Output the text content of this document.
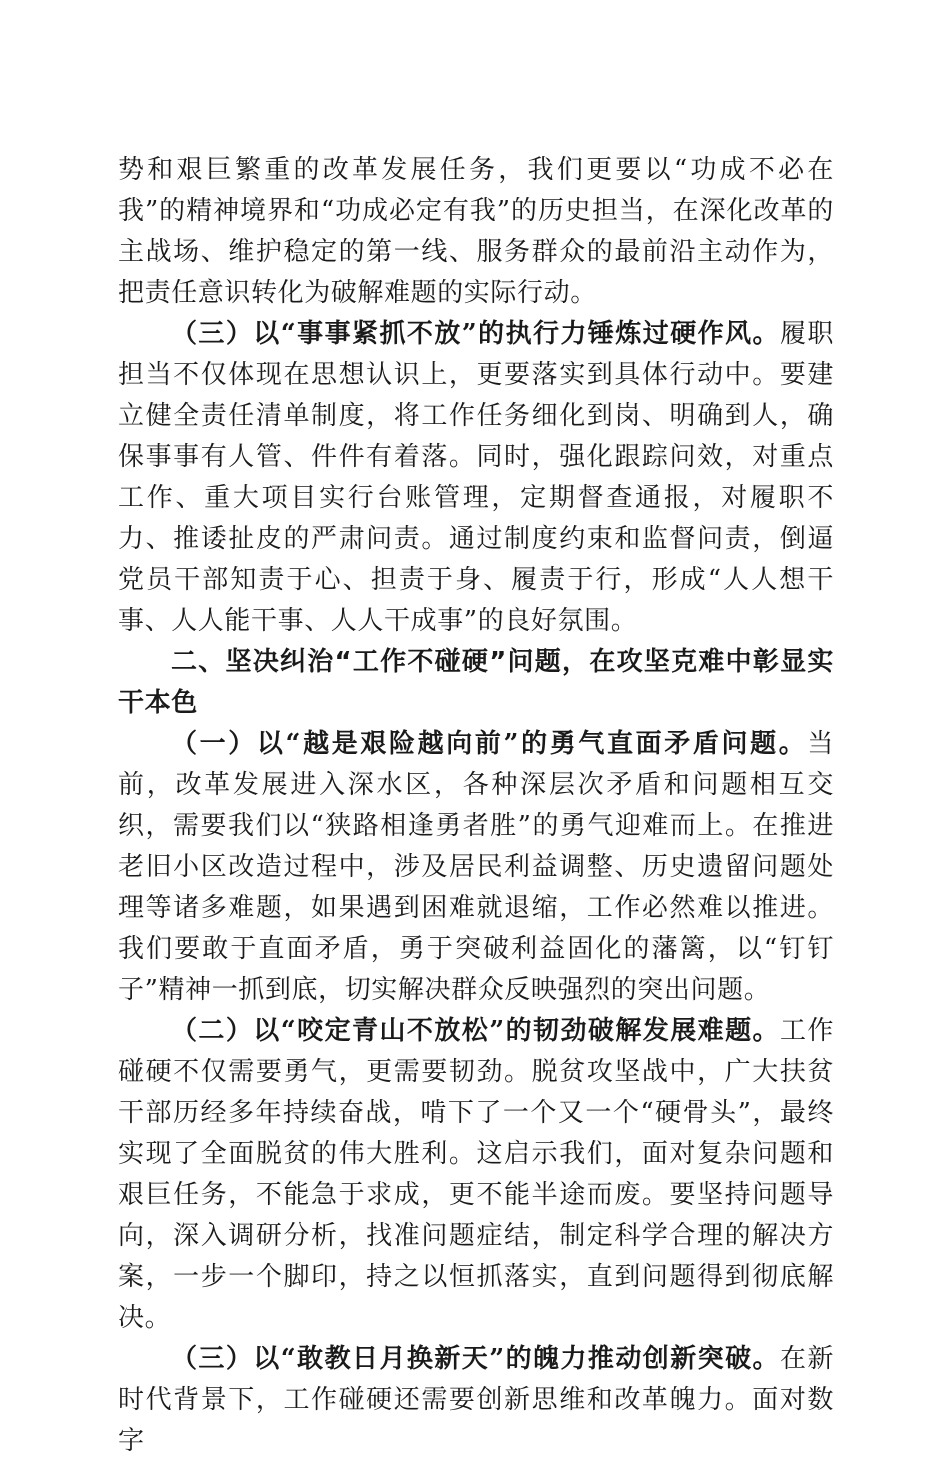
势和艰巨繁重的改革发展任务，我们更要以“功成不必在我”的精神境界和“功成必定有我”的历史担当，在深化改革的主战场、维护稳定的第一线、服务群众的最前沿主动作为，把责任意识转化为破解难题的实际行动。

（三）以“事事紧抓不放”的执行力锤炼过硬作风。履职担当不仅体现在思想认识上，更要落实到具体行动中。要建立健全责任清单制度，将工作任务细化到岗、明确到人，确保事事有人管、件件有着落。同时，强化跟踪问效，对重点工作、重大项目实行台账管理，定期督查通报，对履职不力、推诿扯皮的严肃问责。通过制度约束和监督问责，倒逼党员干部知责于心、担责于身、履责于行，形成“人人想干事、人人能干事、人人干成事”的良好氛围。

二、坚决纠治“工作不碰硬”问题，在攻坚克难中彰显实干本色

（一）以“越是艰险越向前”的勇气直面矛盾问题。当前，改革发展进入深水区，各种深层次矛盾和问题相互交织，需要我们以“狭路相逢勇者胜”的勇气迎难而上。在推进老旧小区改造过程中，涉及居民利益调整、历史遗留问题处理等诸多难题，如果遇到困难就退缩，工作必然难以推进。我们要敢于直面矛盾，勇于突破利益固化的藩篱，以“钉钉子”精神一抓到底，切实解决群众反映强烈的突出问题。

（二）以“咬定青山不放松”的韧劲破解发展难题。工作碰硬不仅需要勇气，更需要韧劲。脱贫攻坚战中，广大扶贫干部历经多年持续奋战，啃下了一个又一个“硬骨头”，最终实现了全面脱贫的伟大胜利。这启示我们，面对复杂问题和艰巨任务，不能急于求成，更不能半途而废。要坚持问题导向，深入调研分析，找准问题症结，制定科学合理的解决方案，一步一个脚印，持之以恒抓落实，直到问题得到彻底解决。

（三）以“敢教日月换新天”的魄力推动创新突破。在新时代背景下，工作碰硬还需要创新思维和改革魄力。面对数字
